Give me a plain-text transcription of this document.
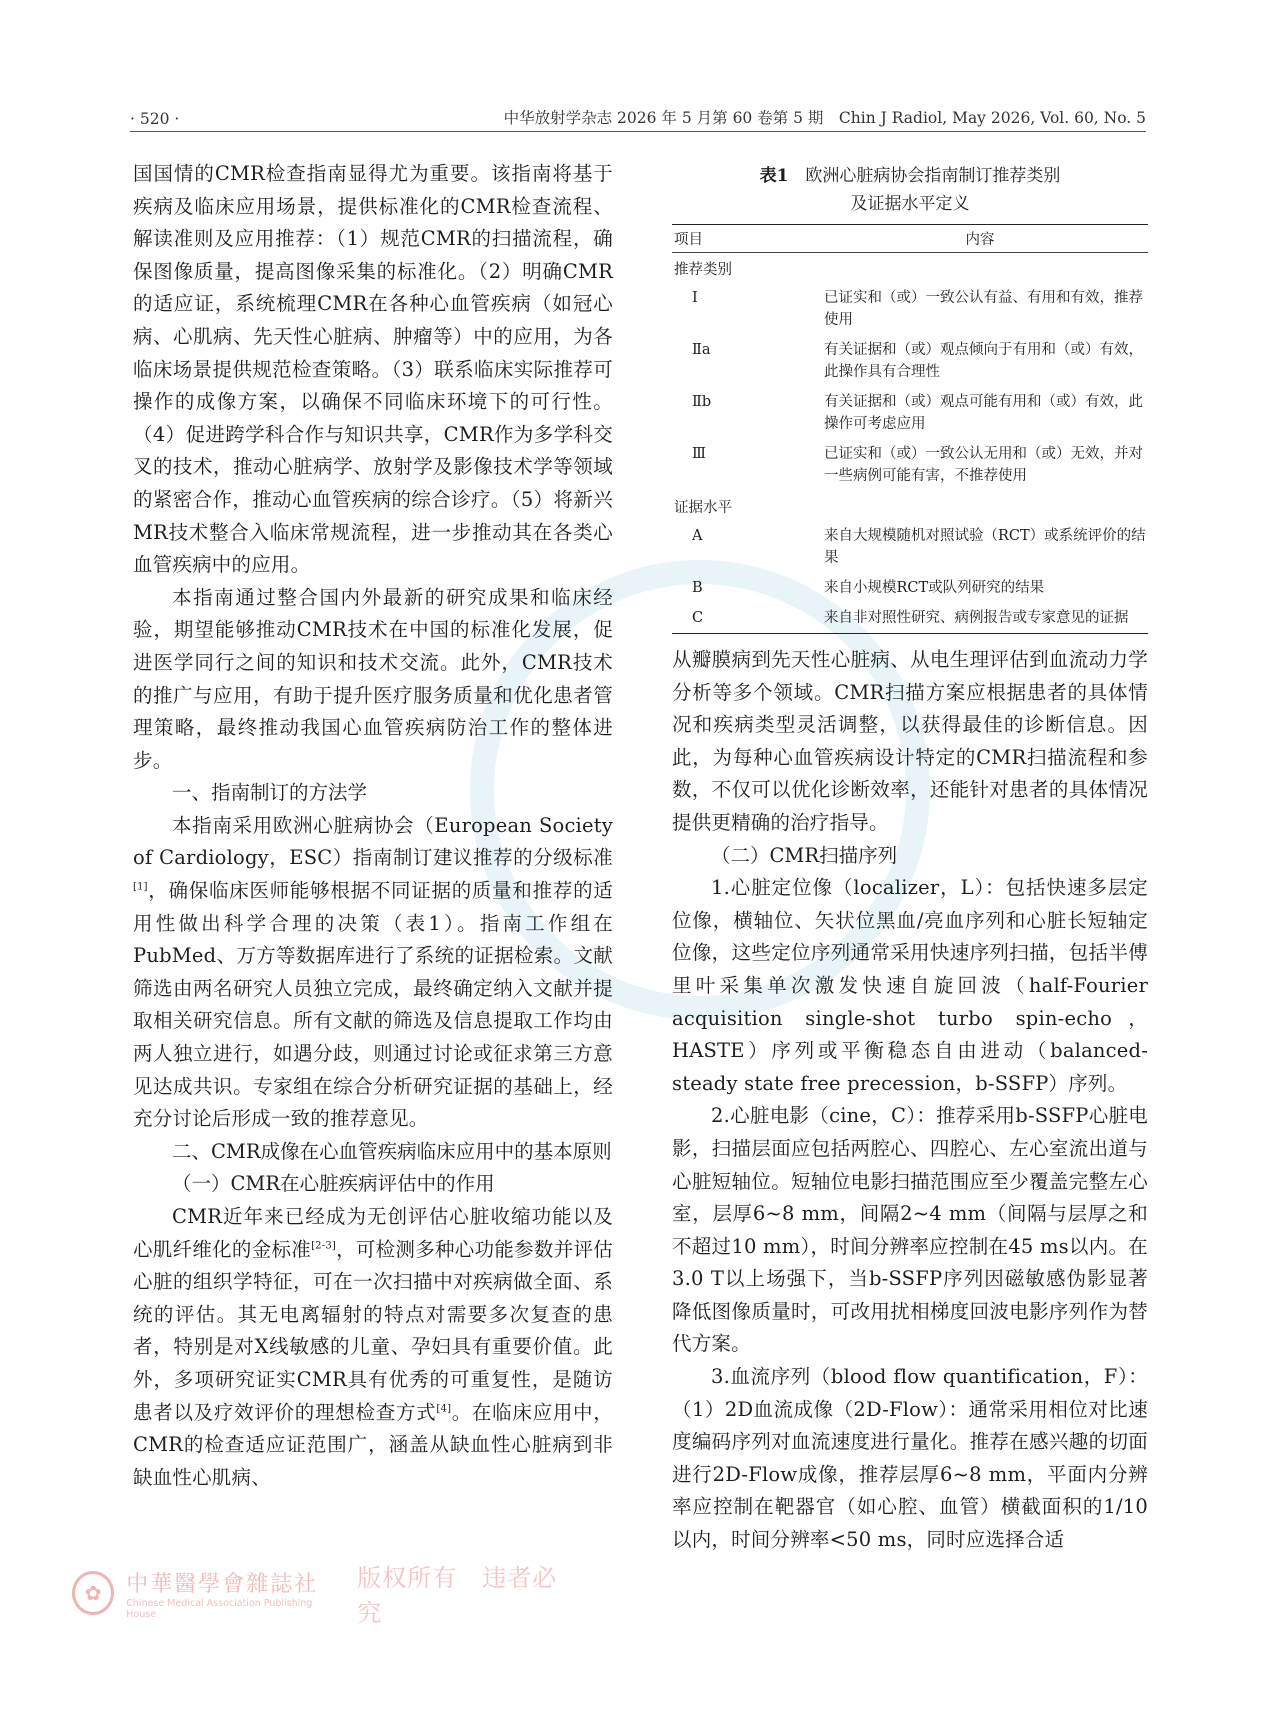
· 520 ·	中华放射学杂志 2026 年 5 月第 60 卷第 5 期　Chin J Radiol, May 2026, Vol. 60, No. 5

国国情的CMR检查指南显得尤为重要。该指南将基于疾病及临床应用场景，提供标准化的CMR检查流程、解读准则及应用推荐：（1）规范CMR的扫描流程，确保图像质量，提高图像采集的标准化。（2）明确CMR的适应证，系统梳理CMR在各种心血管疾病（如冠心病、心肌病、先天性心脏病、肿瘤等）中的应用，为各临床场景提供规范检查策略。（3）联系临床实际推荐可操作的成像方案，以确保不同临床环境下的可行性。（4）促进跨学科合作与知识共享，CMR作为多学科交叉的技术，推动心脏病学、放射学及影像技术学等领域的紧密合作，推动心血管疾病的综合诊疗。（5）将新兴MR技术整合入临床常规流程，进一步推动其在各类心血管疾病中的应用。

本指南通过整合国内外最新的研究成果和临床经验，期望能够推动CMR技术在中国的标准化发展，促进医学同行之间的知识和技术交流。此外，CMR技术的推广与应用，有助于提升医疗服务质量和优化患者管理策略，最终推动我国心血管疾病防治工作的整体进步。

一、指南制订的方法学

本指南采用欧洲心脏病协会（European Society of Cardiology，ESC）指南制订建议推荐的分级标准[1]，确保临床医师能够根据不同证据的质量和推荐的适用性做出科学合理的决策（表1）。指南工作组在PubMed、万方等数据库进行了系统的证据检索。文献筛选由两名研究人员独立完成，最终确定纳入文献并提取相关研究信息。所有文献的筛选及信息提取工作均由两人独立进行，如遇分歧，则通过讨论或征求第三方意见达成共识。专家组在综合分析研究证据的基础上，经充分讨论后形成一致的推荐意见。

二、CMR成像在心血管疾病临床应用中的基本原则

（一）CMR在心脏疾病评估中的作用

CMR近年来已经成为无创评估心脏收缩功能以及心肌纤维化的金标准[2-3]，可检测多种心功能参数并评估心脏的组织学特征，可在一次扫描中对疾病做全面、系统的评估。其无电离辐射的特点对需要多次复查的患者，特别是对X线敏感的儿童、孕妇具有重要价值。此外，多项研究证实CMR具有优秀的可重复性，是随访患者以及疗效评价的理想检查方式[4]。在临床应用中，CMR的检查适应证范围广，涵盖从缺血性心脏病到非缺血性心肌病、

表1　 欧洲心脏病协会指南制订推荐类别

及证据水平定义

项目	内容
推荐类别	
Ⅰ	已证实和（或）一致公认有益、有用和有效，推荐使用
Ⅱa	有关证据和（或）观点倾向于有用和（或）有效，此操作具有合理性
Ⅱb	有关证据和（或）观点可能有用和（或）有效，此操作可考虑应用
Ⅲ	已证实和（或）一致公认无用和（或）无效，并对一些病例可能有害，不推荐使用
证据水平	
A	来自大规模随机对照试验（RCT）或系统评价的结果
B	来自小规模RCT或队列研究的结果
C	来自非对照性研究、病例报告或专家意见的证据

从瓣膜病到先天性心脏病、从电生理评估到血流动力学分析等多个领域。CMR扫描方案应根据患者的具体情况和疾病类型灵活调整，以获得最佳的诊断信息。因此，为每种心血管疾病设计特定的CMR扫描流程和参数，不仅可以优化诊断效率，还能针对患者的具体情况提供更精确的治疗指导。

（二）CMR扫描序列

1.心脏定位像（localizer，L）：包括快速多层定位像，横轴位、矢状位黑血/亮血序列和心脏长短轴定位像，这些定位序列通常采用快速序列扫描，包括半傅里叶采集单次激发快速自旋回波（half-Fourier acquisition single-shot turbo spin-echo，HASTE）序列或平衡稳态自由进动（balanced-steady state free precession，b-SSFP）序列。

2.心脏电影（cine，C）：推荐采用b-SSFP心脏电影，扫描层面应包括两腔心、四腔心、左心室流出道与心脏短轴位。短轴位电影扫描范围应至少覆盖完整左心室，层厚6~8 mm，间隔2~4 mm（间隔与层厚之和不超过10 mm），时间分辨率应控制在45 ms以内。在3.0 T以上场强下，当b-SSFP序列因磁敏感伪影显著降低图像质量时，可改用扰相梯度回波电影序列作为替代方案。

3.血流序列（blood flow quantification，F）：（1）2D血流成像（2D-Flow）：通常采用相位对比速度编码序列对血流速度进行量化。推荐在感兴趣的切面进行2D-Flow成像，推荐层厚6~8 mm，平面内分辨率应控制在靶器官（如心腔、血管）横截面积的1/10以内，时间分辨率<50 ms，同时应选择合适

✿	中華醫學會雜誌社
Chinese Medical Association Publishing House
版权所有　违者必究
